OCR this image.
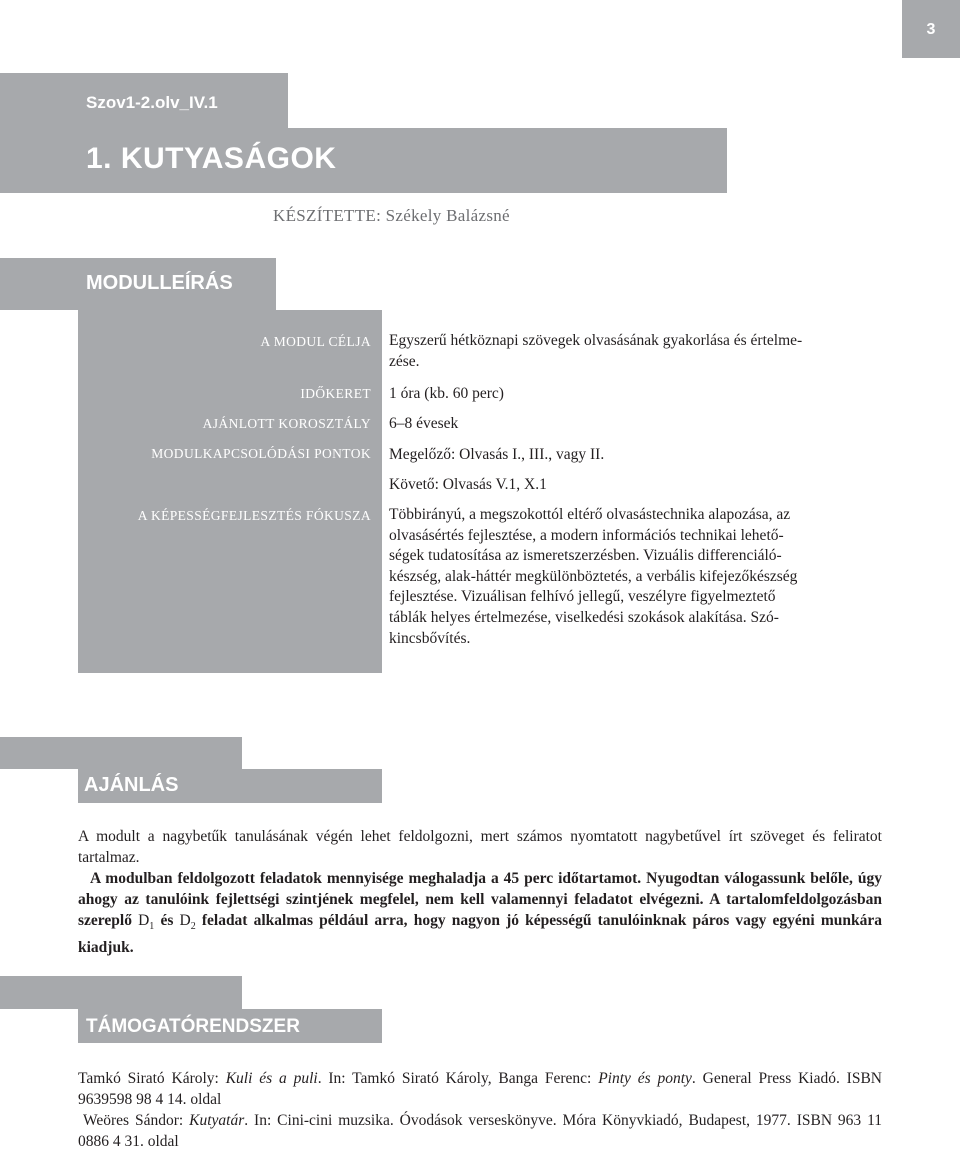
3
Szov1-2.olv_IV.1
1. KUTYASÁGOK
KÉSZÍTETTE: Székely Balázsné
MODULLEÍRÁS
A MODUL CÉLJA
IDŐKERET
AJÁNLOTT KOROSZTÁLY
MODULKAPCSOLÓDÁSI PONTOK
A KÉPESSÉGFEJLESZTÉS FÓKUSZA
Egyszerű hétköznapi szövegek olvasásának gyakorlása és értelme-
zése.
1 óra (kb. 60 perc)
6–8 évesek
Megelőző: Olvasás I., III., vagy II.
Követő: Olvasás V.1, X.1
Többirányú, a megszokottól eltérő olvasástechnika alapozása, az
olvasásértés fejlesztése, a modern információs technikai lehető-
ségek tudatosítása az ismeretszerzésben. Vizuális differenciáló-
készség, alak-háttér megkülönböztetés, a verbális kifejezőkészség
fejlesztése. Vizuálisan felhívó jellegű, veszélyre figyelmeztető
táblák helyes értelmezése, viselkedési szokások alakítása. Szó-
kincsbővítés.
AJÁNLÁS

A modult a nagybetűk tanulásának végén lehet feldolgozni, mert számos nyomtatott nagybetűvel írt szöveget és feliratot tartalmaz.

A modulban feldolgozott feladatok mennyisége meghaladja a 45 perc időtartamot. Nyugodtan válogassunk belőle, úgy ahogy az tanulóink fejlettségi szintjének megfelel, nem kell valamennyi feladatot elvégezni. A tartalomfeldolgozásban szereplő $D_1$ és $D_2$ feladat alkalmas például arra, hogy nagyon jó képességű tanulóinknak páros vagy egyéni munkára kiadjuk.

TÁMOGATÓRENDSZER

Tamkó Sirató Károly: Kuli és a puli. In: Tamkó Sirató Károly, Banga Ferenc: Pinty és ponty. General Press Kiadó. ISBN 9639598 98 4 14. oldal

Weöres Sándor: Kutyatár. In: Cini-cini muzsika. Óvodások verseskönyve. Móra Könyvkiadó, Budapest, 1977. ISBN 963 11 0886 4 31. oldal
